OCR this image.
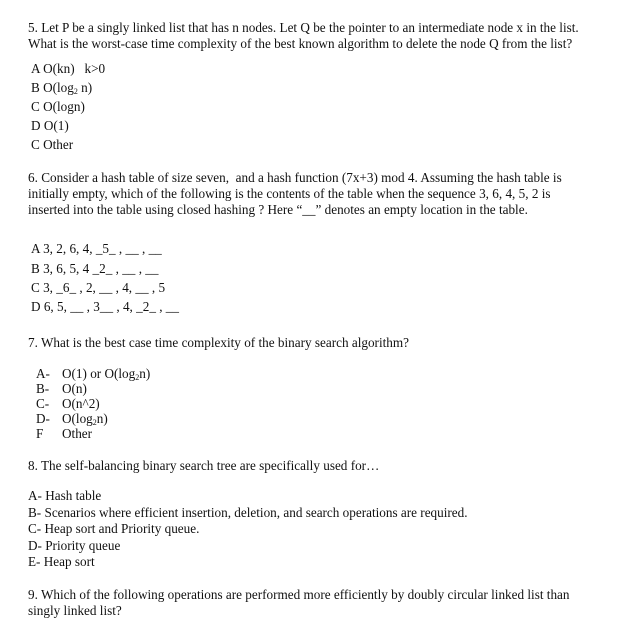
5. Let P be a singly linked list that has n nodes. Let Q be the pointer to an intermediate node x in the list.
What is the worst-case time complexity of the best known algorithm to delete the node Q from the list?
A O(kn)   k>0
B $O(\log_2$ n)
C O(logn)
D O(1)
C Other
6. Consider a hash table of size seven,  and a hash function (7x+3) mod 4. Assuming the hash table is
initially empty, which of the following is the contents of the table when the sequence 3, 6, 4, 5, 2 is
inserted into the table using closed hashing ? Here “__” denotes an empty location in the table.
A 3, 2, 6, 4, _5_ , __ , __
B 3, 6, 5, 4 _2_ , __ , __
C 3, _6_ , 2, __ , 4, __ , 5
D 6, 5, __ , 3__ , 4, _2_ , __
7. What is the best case time complexity of the binary search algorithm?
A- O(1) or $O(\log_2n)$
B- O(n)
C- O(n^2)
D- $O(\log_2n)$
F Other
8. The self-balancing binary search tree are specifically used for…
A- Hash table
B- Scenarios where efficient insertion, deletion, and search operations are required.
C- Heap sort and Priority queue.
D- Priority queue
E- Heap sort
9. Which of the following operations are performed more efficiently by doubly circular linked list than
singly linked list?
